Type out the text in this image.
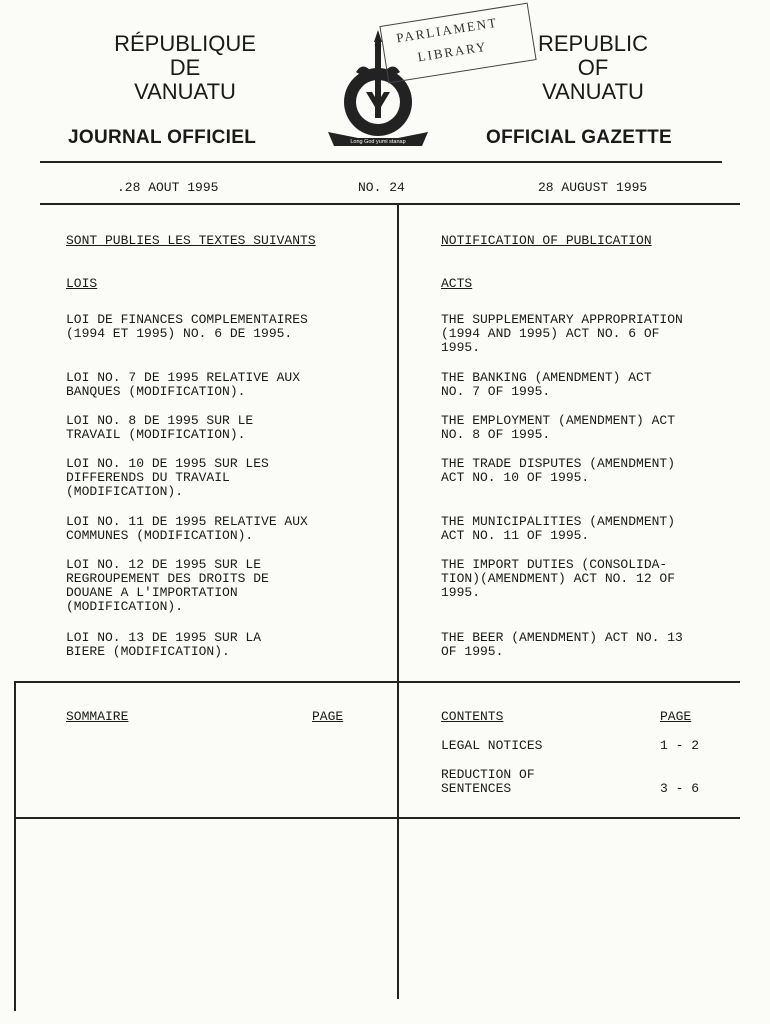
RÉPUBLIQUE
DE
VANUATU
JOURNAL OFFICIEL
REPUBLIC
OF
VANUATU
OFFICIAL GAZETTE
Long God yumi stanap
PARLIAMENT
LIBRARY
.28 AOUT 1995	NO. 24	28 AUGUST 1995
SONT PUBLIES LES TEXTES SUIVANTS
LOIS
LOI DE FINANCES COMPLEMENTAIRES
(1994 ET 1995) NO. 6 DE 1995.
LOI NO. 7 DE 1995 RELATIVE AUX
BANQUES (MODIFICATION).
LOI NO. 8 DE 1995 SUR LE
TRAVAIL (MODIFICATION).
LOI NO. 10 DE 1995 SUR LES
DIFFERENDS DU TRAVAIL
(MODIFICATION).
LOI NO. 11 DE 1995 RELATIVE AUX
COMMUNES (MODIFICATION).
LOI NO. 12 DE 1995 SUR LE
REGROUPEMENT DES DROITS DE
DOUANE A L'IMPORTATION
(MODIFICATION).
LOI NO. 13 DE 1995 SUR LA
BIERE (MODIFICATION).
NOTIFICATION OF PUBLICATION
ACTS
THE SUPPLEMENTARY APPROPRIATION
(1994 AND 1995) ACT NO. 6 OF
1995.
THE BANKING (AMENDMENT) ACT
NO. 7 OF 1995.
THE EMPLOYMENT (AMENDMENT) ACT
NO. 8 OF 1995.
THE TRADE DISPUTES (AMENDMENT)
ACT NO. 10 OF 1995.
THE MUNICIPALITIES (AMENDMENT)
ACT NO. 11 OF 1995.
THE IMPORT DUTIES (CONSOLIDA-
TION)(AMENDMENT) ACT NO. 12 OF
1995.
THE BEER (AMENDMENT) ACT NO. 13
OF 1995.
SOMMAIRE	PAGE	CONTENTS	PAGE
LEGAL NOTICES	1 - 2
REDUCTION OF
SENTENCES	3 - 6
